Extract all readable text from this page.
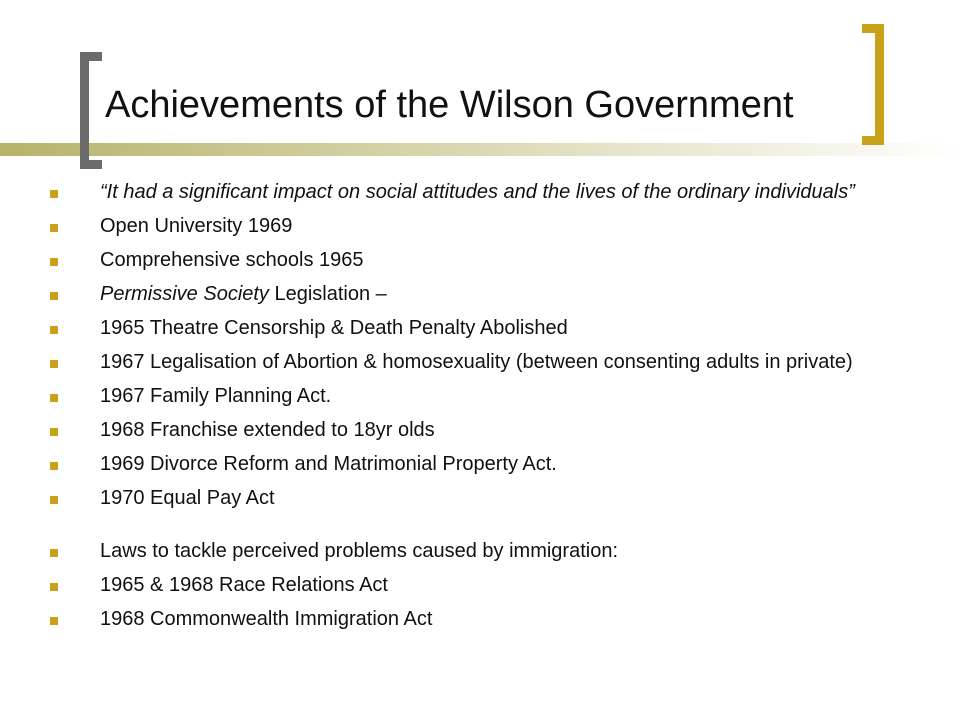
Achievements of the Wilson Government
“It had a significant impact on social attitudes and the lives of the ordinary individuals”
Open University 1969
Comprehensive schools 1965
Permissive Society Legislation –
1965 Theatre Censorship & Death Penalty Abolished
1967 Legalisation of Abortion & homosexuality (between consenting adults in private)
1967 Family Planning Act.
1968 Franchise extended to 18yr olds
1969 Divorce Reform and Matrimonial Property Act.
1970 Equal Pay Act
Laws to tackle perceived problems caused by immigration:
1965 & 1968 Race Relations Act
1968 Commonwealth Immigration Act
